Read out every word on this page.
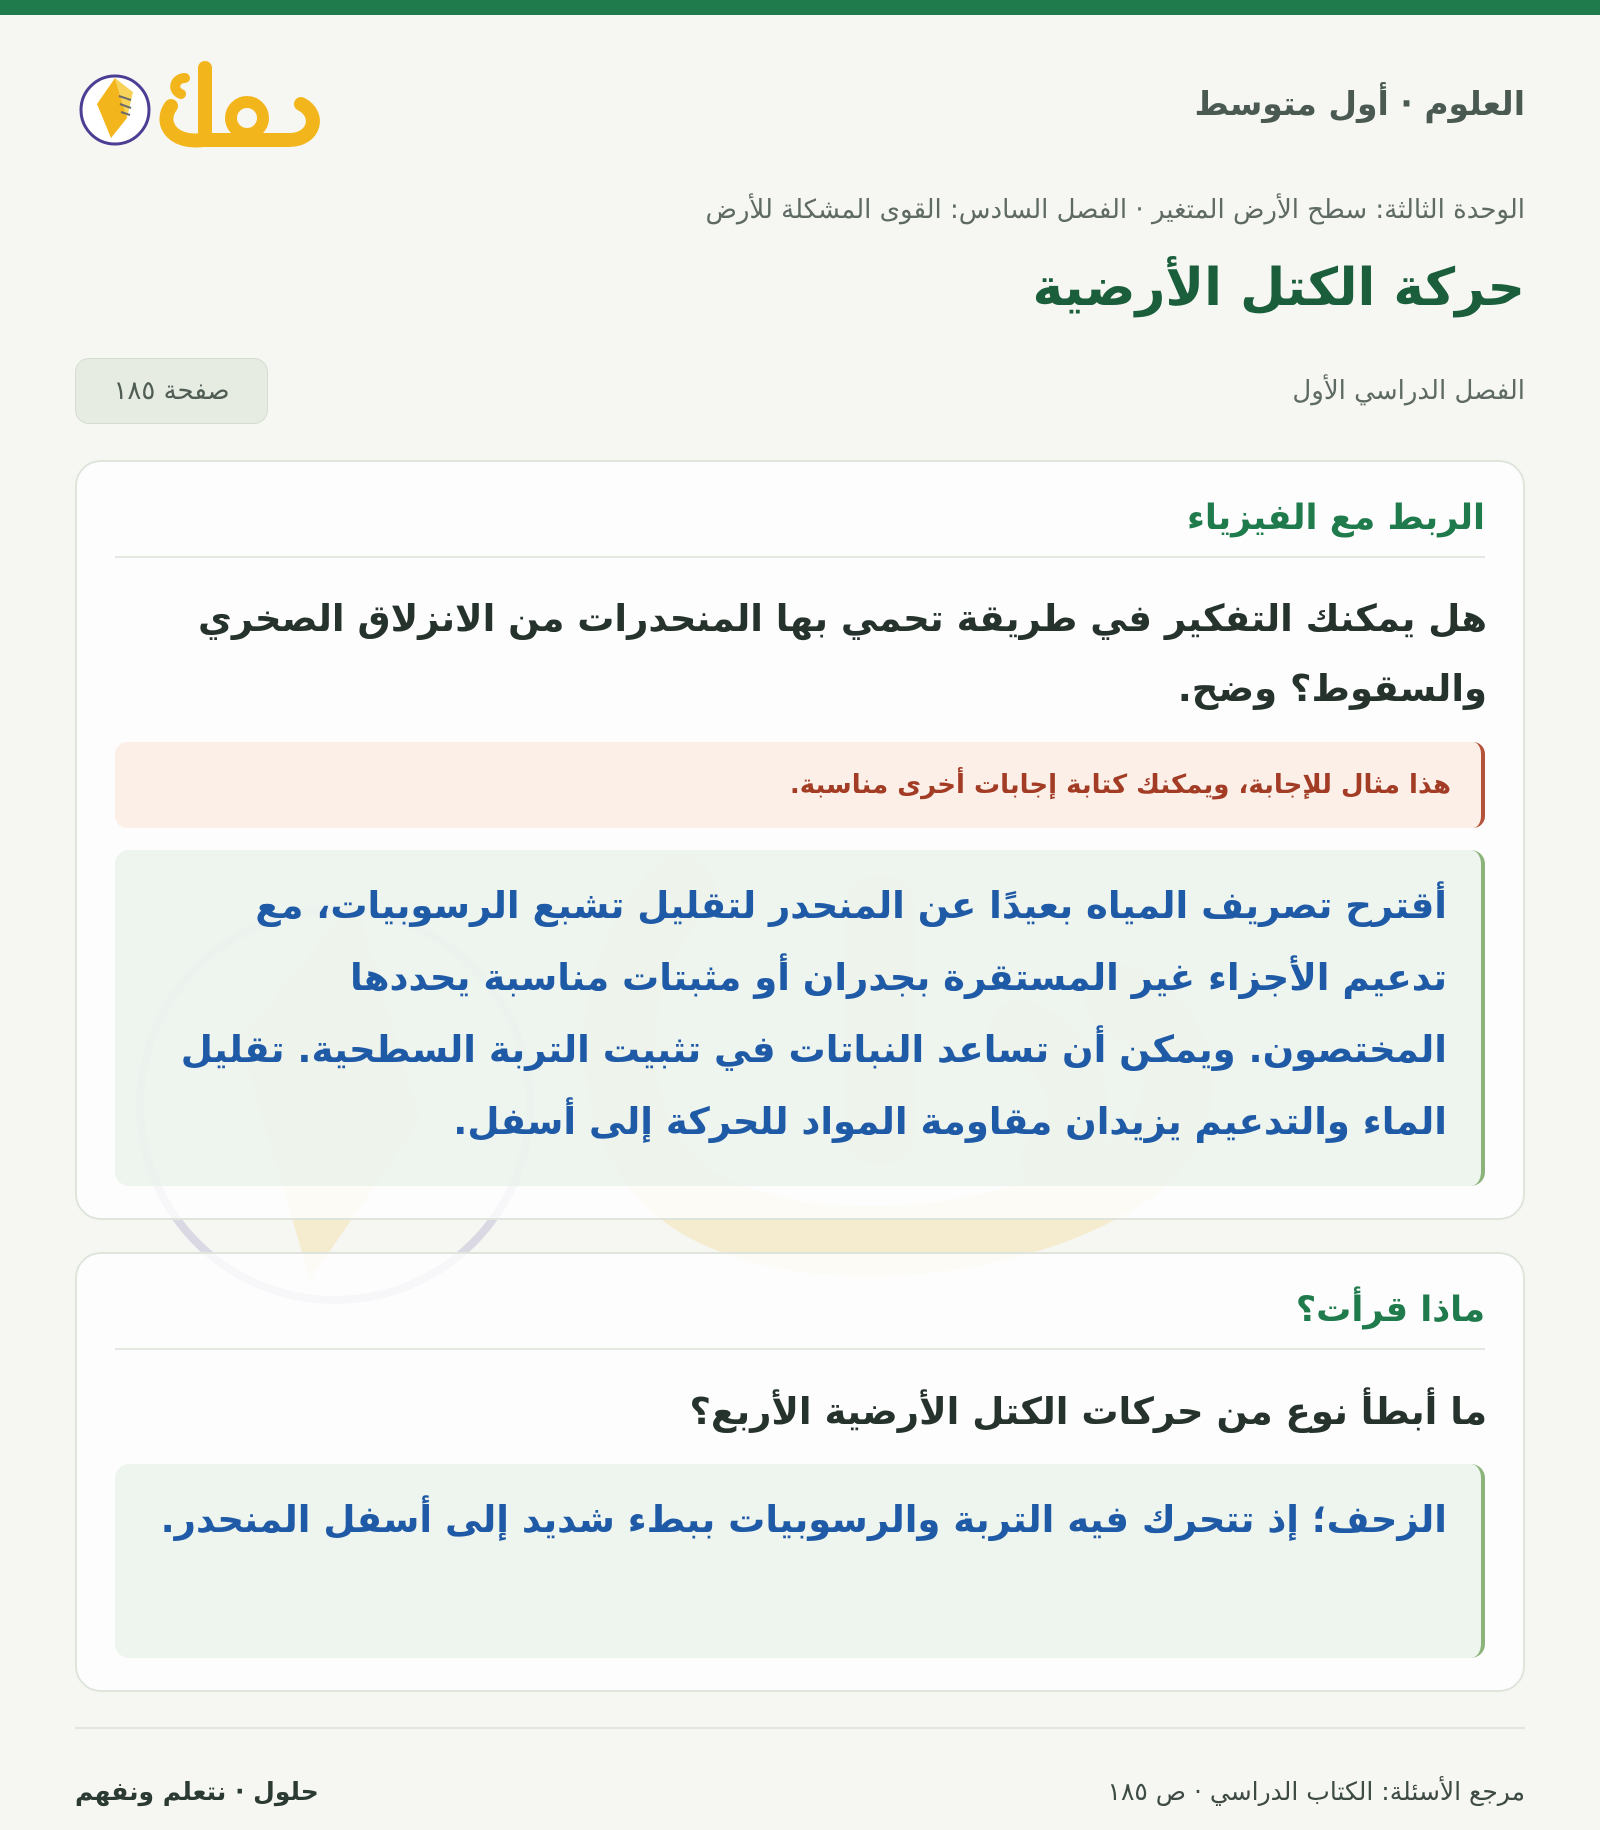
العلوم · أول متوسط
الوحدة الثالثة: سطح الأرض المتغير · الفصل السادس: القوى المشكلة للأرض
حركة الكتل الأرضية
الفصل الدراسي الأول
صفحة ١٨٥
الربط مع الفيزياء
هذا مثال للإجابة، ويمكنك كتابة إجابات أخرى مناسبة.
أقترح تصريف المياه بعيدًا عن المنحدر لتقليل تشبع الرسوبيات، مع تدعيم الأجزاء غير المستقرة بجدران أو مثبتات مناسبة يحددها المختصون. ويمكن أن تساعد النباتات في تثبيت التربة السطحية. تقليل الماء والتدعيم يزيدان مقاومة المواد للحركة إلى أسفل.
هل يمكنك التفكير في طريقة تحمي بها المنحدرات من الانزلاق الصخري والسقوط؟ وضح.
ماذا قرأت؟
الزحف؛ إذ تتحرك فيه التربة والرسوبيات ببطء شديد إلى أسفل المنحدر.
ما أبطأ نوع من حركات الكتل الأرضية الأربع؟
مرجع الأسئلة: الكتاب الدراسي · ص ١٨٥
حلول · نتعلم ونفهم
